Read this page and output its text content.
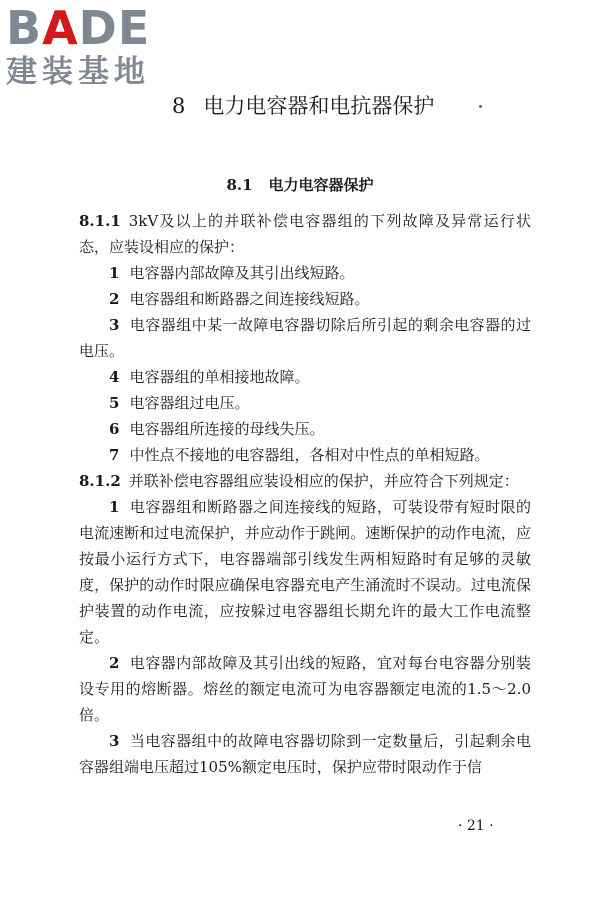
BADE
建装基地
8 电力电容器和电抗器保护
8.1 电力电容器保护

8.1.1 3kV及以上的并联补偿电容器组的下列故障及异常运行状态，应装设相应的保护：

1 电容器内部故障及其引出线短路。

2 电容器组和断路器之间连接线短路。

3 电容器组中某一故障电容器切除后所引起的剩余电容器的过电压。

4 电容器组的单相接地故障。

5 电容器组过电压。

6 电容器组所连接的母线失压。

7 中性点不接地的电容器组，各相对中性点的单相短路。

8.1.2 并联补偿电容器组应装设相应的保护，并应符合下列规定：

1 电容器组和断路器之间连接线的短路，可装设带有短时限的电流速断和过电流保护，并应动作于跳闸。速断保护的动作电流，应按最小运行方式下，电容器端部引线发生两相短路时有足够的灵敏度，保护的动作时限应确保电容器充电产生涌流时不误动。过电流保护装置的动作电流，应按躲过电容器组长期允许的最大工作电流整定。

2 电容器内部故障及其引出线的短路，宜对每台电容器分别装设专用的熔断器。熔丝的额定电流可为电容器额定电流的1.5～2.0倍。

3 当电容器组中的故障电容器切除到一定数量后，引起剩余电容器组端电压超过105%额定电压时，保护应带时限动作于信

· 21 ·
